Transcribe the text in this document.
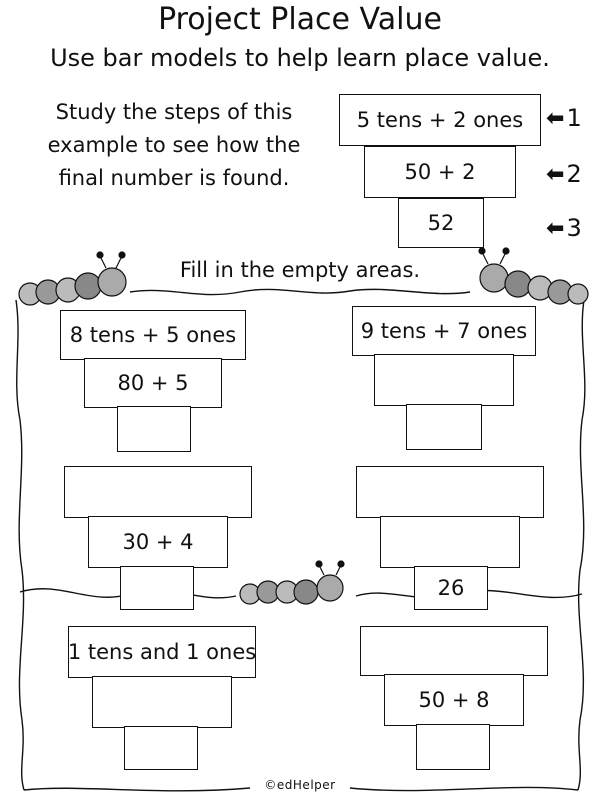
Project Place Value
Use bar models to help learn place value.
Study the steps of this
example to see how the
final number is found.
5 tens + 2 ones
50 + 2
52
⬅ 1
⬅ 2
⬅ 3
Fill in the empty areas.
8 tens + 5 ones
80 + 5
9 tens + 7 ones
30 + 4
26
1 tens and 1 ones
50 + 8
©edHelper
